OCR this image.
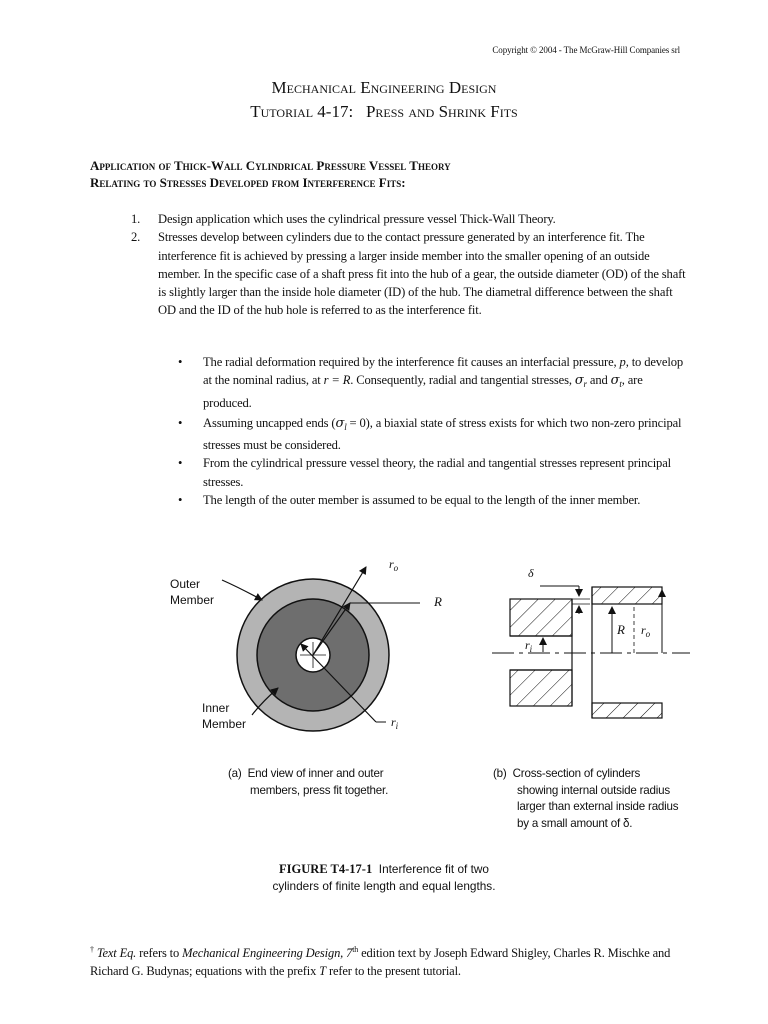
Copyright © 2004 - The McGraw-Hill Companies srl
Mechanical Engineering Design
Tutorial 4-17:   Press and Shrink Fits
Application of Thick-Wall Cylindrical Pressure Vessel Theory
Relating to Stresses Developed from Interference Fits:
1.	Design application which uses the cylindrical pressure vessel Thick-Wall Theory.
2.	Stresses develop between cylinders due to the contact pressure generated by an interference fit. The interference fit is achieved by pressing a larger inside member into the smaller opening of an outside member. In the specific case of a shaft press fit into the hub of a gear, the outside diameter (OD) of the shaft is slightly larger than the inside hole diameter (ID) of the hub. The diametral difference between the shaft OD and the ID of the hub hole is referred to as the interference fit.
•	The radial deformation required by the interference fit causes an interfacial pressure, p, to develop at the nominal radius, at r = R. Consequently, radial and tangential stresses, $\sigma_r$ and $\sigma_t$, are produced.
•	Assuming uncapped ends $(\sigma_l = 0)$, a biaxial state of stress exists for which two non-zero principal stresses must be considered.
•	From the cylindrical pressure vessel theory, the radial and tangential stresses represent principal stresses.
•	The length of the outer member is assumed to be equal to the length of the inner member.
Outer
Member
Inner
Member
$r_o$
R
$r_i$
δ
$r_i$
R $r_o$
(a)  End view of inner and outer
members, press fit together.
(b)  Cross-section of cylinders
showing internal outside radius
larger than external inside radius
by a small amount of δ.
FIGURE T4-17-1  Interference fit of two
cylinders of finite length and equal lengths.
† Text Eq. refers to Mechanical Engineering Design, 7th edition text by Joseph Edward Shigley, Charles R. Mischke and Richard G. Budynas; equations with the prefix T refer to the present tutorial.
